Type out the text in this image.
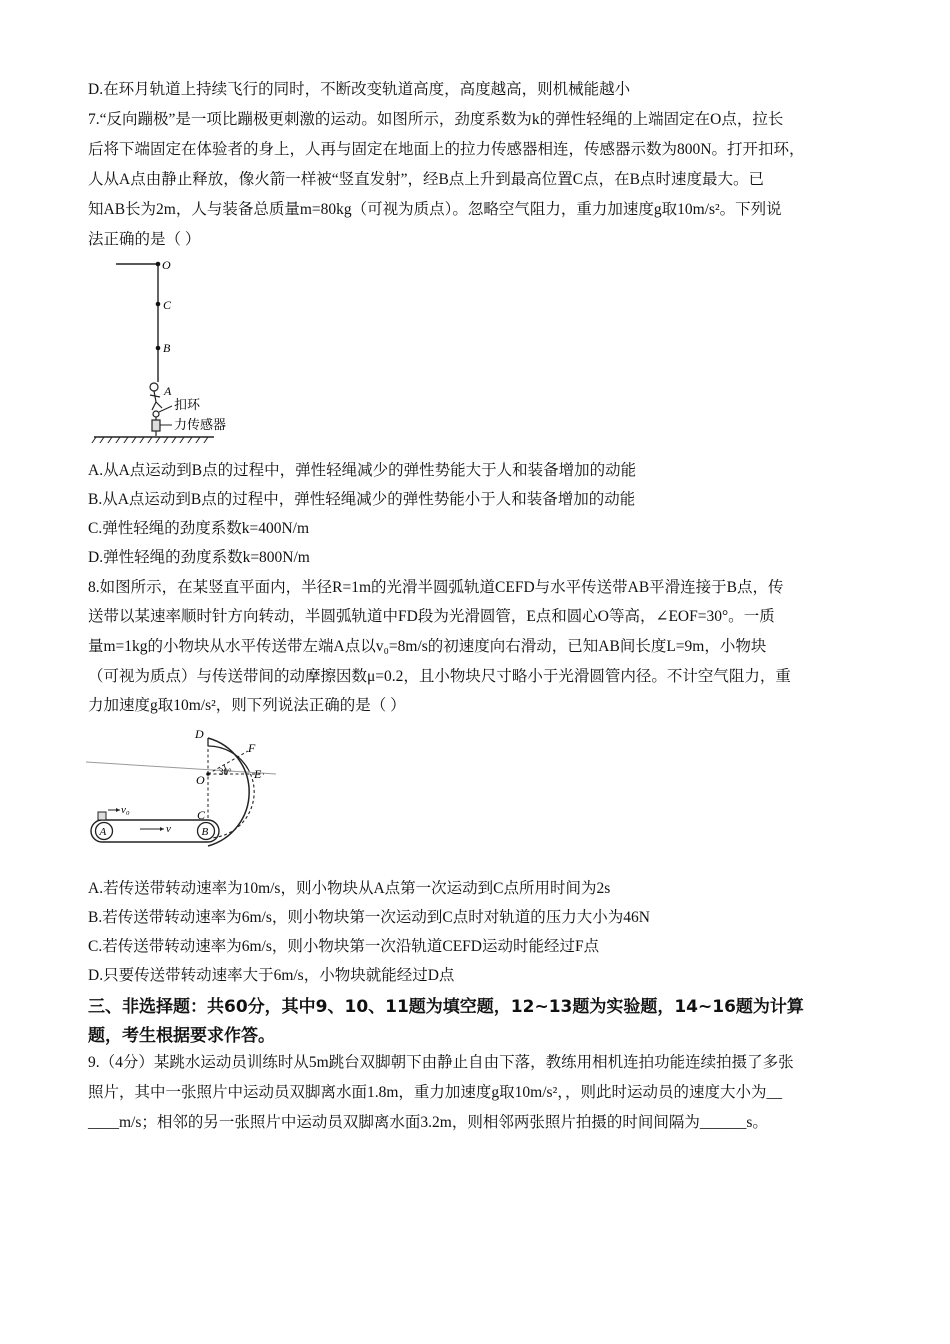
D.在环月轨道上持续飞行的同时，不断改变轨道高度，高度越高，则机械能越小
7.“反向蹦极”是一项比蹦极更刺激的运动。如图所示，劲度系数为k的弹性轻绳的上端固定在O点，拉长
后将下端固定在体验者的身上，人再与固定在地面上的拉力传感器相连，传感器示数为800N。打开扣环，
人从A点由静止释放，像火箭一样被“竖直发射”，经B点上升到最高位置C点，在B点时速度最大。已
知AB长为2m，人与装备总质量m=80kg（可视为质点）。忽略空气阻力，重力加速度g取10m/s²。下列说
法正确的是（ ）
O
C
B
A
扣环
力传感器
A.从A点运动到B点的过程中，弹性轻绳减少的弹性势能大于人和装备增加的动能
B.从A点运动到B点的过程中，弹性轻绳减少的弹性势能小于人和装备增加的动能
C.弹性轻绳的劲度系数k=400N/m
D.弹性轻绳的劲度系数k=800N/m
8.如图所示，在某竖直平面内，半径R=1m的光滑半圆弧轨道CEFD与水平传送带AB平滑连接于B点，传
送带以某速率顺时针方向转动，半圆弧轨道中FD段为光滑圆管，E点和圆心O等高，∠EOF=30°。一质
量m=1kg的小物块从水平传送带左端A点以v₀=8m/s的初速度向右滑动，已知AB间长度L=9m，小物块
（可视为质点）与传送带间的动摩擦因数μ=0.2，且小物块尺寸略小于光滑圆管内径。不计空气阻力，重
力加速度g取10m/s²，则下列说法正确的是（ ）
30°
D
F
O	E
C
A	B
v₀
v
A.若传送带转动速率为10m/s，则小物块从A点第一次运动到C点所用时间为2s
B.若传送带转动速率为6m/s，则小物块第一次运动到C点时对轨道的压力大小为46N
C.若传送带转动速率为6m/s，则小物块第一次沿轨道CEFD运动时能经过F点
D.只要传送带转动速率大于6m/s，小物块就能经过D点
三、非选择题：共60分，其中9、10、11题为填空题，12~13题为实验题，14~16题为计算
题，考生根据要求作答。
9.（4分）某跳水运动员训练时从5m跳台双脚朝下由静止自由下落，教练用相机连拍功能连续拍摄了多张
照片，其中一张照片中运动员双脚离水面1.8m，重力加速度g取10m/s²，，则此时运动员的速度大小为__
____m/s；相邻的另一张照片中运动员双脚离水面3.2m，则相邻两张照片拍摄的时间间隔为______s。
